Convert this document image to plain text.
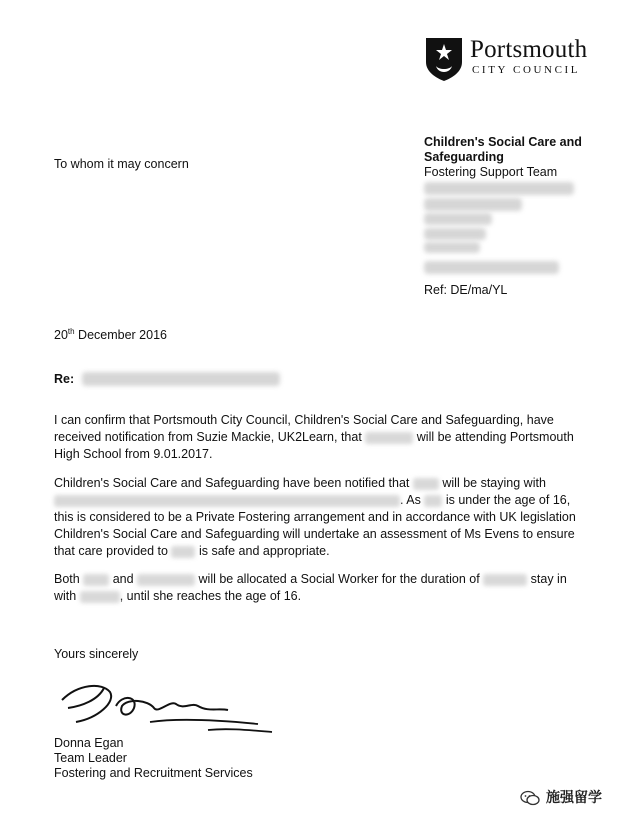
Portsmouth
CITY COUNCIL
Children's Social Care and
Safeguarding
Fostering Support Team
Ref: DE/ma/YL
To whom it may concern
20th December 2016
Re:
I can confirm that Portsmouth City Council, Children's Social Care and Safeguarding, have received notification from Suzie Mackie, UK2Learn, that	will be attending Portsmouth High School from 9.01.2017.
Children's Social Care and Safeguarding have been notified that	will be staying with . As is under the age of 16, this is considered to be a Private Fostering arrangement and in accordance with UK legislation Children's Social Care and Safeguarding will undertake an assessment of Ms Evens to ensure that care provided to is safe and appropriate.
Both	and	will be allocated a Social Worker for the duration of	stay in with	, until she reaches the age of 16.
Yours sincerely
Donna Egan
Team Leader
Fostering and Recruitment Services
施强留学
